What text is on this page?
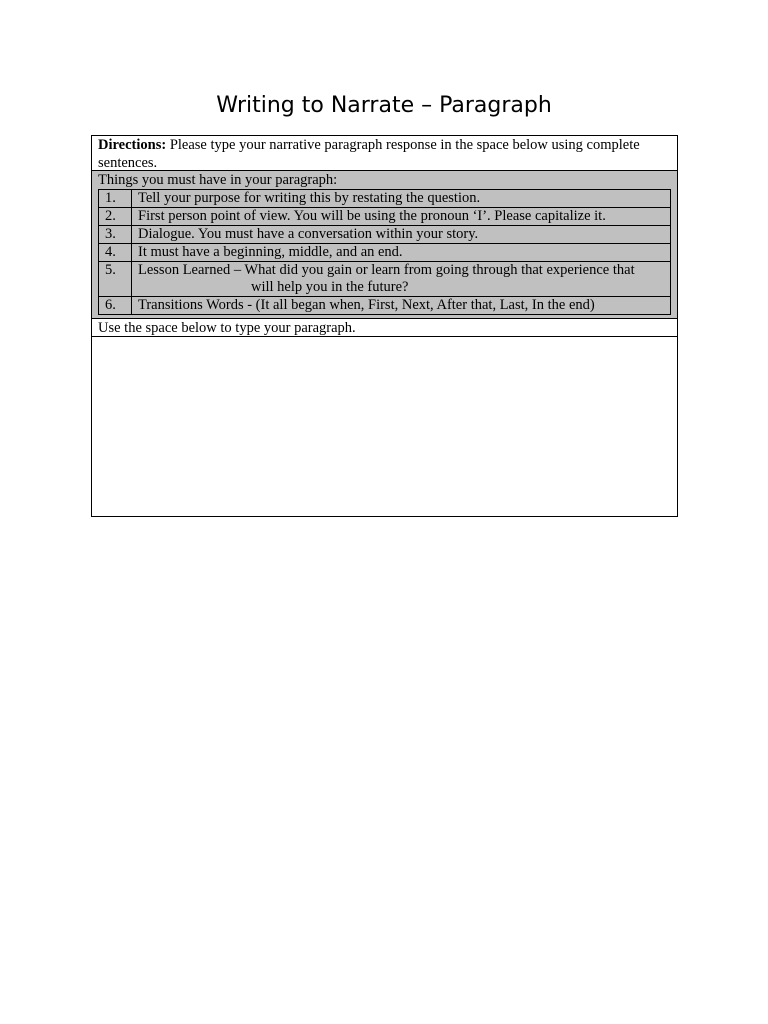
Writing to Narrate – Paragraph
Directions: Please type your narrative paragraph response in the space below using complete sentences.
Things you must have in your paragraph:
1.	Tell your purpose for writing this by restating the question.
2.	First person point of view. You will be using the pronoun ‘I’. Please capitalize it.
3.	Dialogue. You must have a conversation within your story.
4.	It must have a beginning, middle, and an end.
5.	Lesson Learned – What did you gain or learn from going through that experience that
will help you in the future?

6.	Transitions Words - (It all began when, First, Next, After that, Last, In the end)
Use the space below to type your paragraph.
